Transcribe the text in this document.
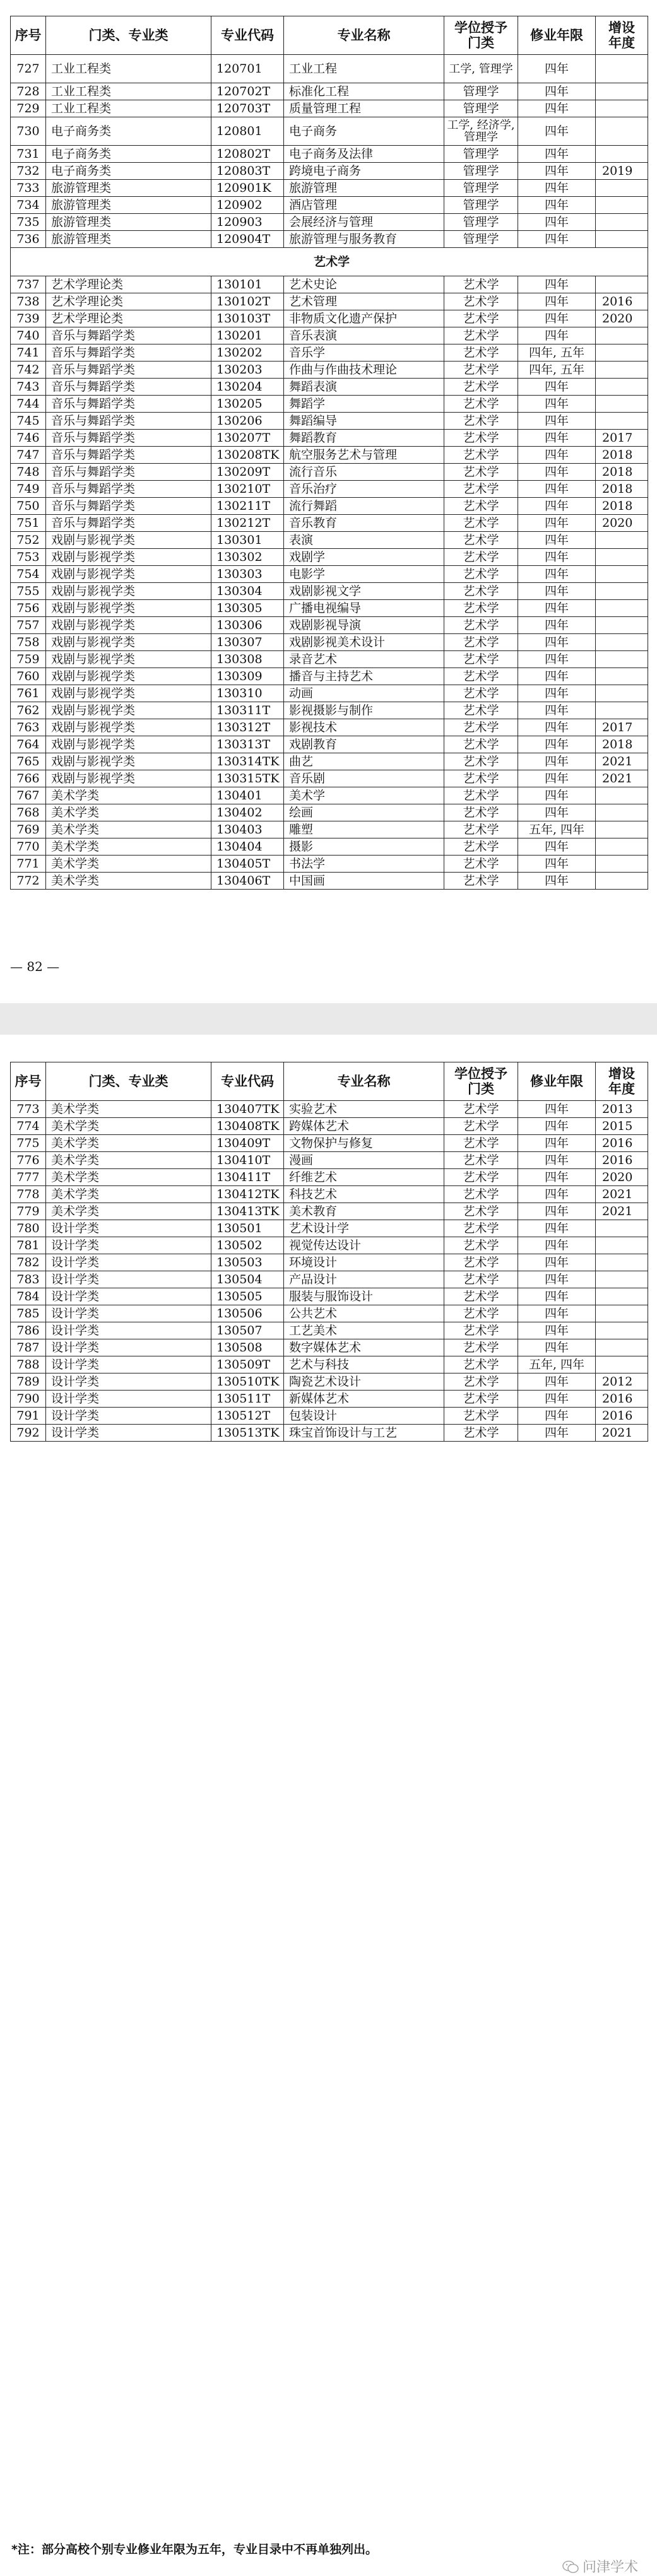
序号	门类、专业类	专业代码	专业名称	学位授予门类	修业年限	增设年度
727	工业工程类	120701	工业工程	工学, 管理学	四年	
728	工业工程类	120702T	标准化工程	管理学	四年	
729	工业工程类	120703T	质量管理工程	管理学	四年	
730	电子商务类	120801	电子商务	工学, 经济学, 管理学	四年	
731	电子商务类	120802T	电子商务及法律	管理学	四年	
732	电子商务类	120803T	跨境电子商务	管理学	四年	2019
733	旅游管理类	120901K	旅游管理	管理学	四年	
734	旅游管理类	120902	酒店管理	管理学	四年	
735	旅游管理类	120903	会展经济与管理	管理学	四年	
736	旅游管理类	120904T	旅游管理与服务教育	管理学	四年	
艺术学						
737	艺术学理论类	130101	艺术史论	艺术学	四年	
738	艺术学理论类	130102T	艺术管理	艺术学	四年	2016
739	艺术学理论类	130103T	非物质文化遗产保护	艺术学	四年	2020
740	音乐与舞蹈学类	130201	音乐表演	艺术学	四年	
741	音乐与舞蹈学类	130202	音乐学	艺术学	四年, 五年	
742	音乐与舞蹈学类	130203	作曲与作曲技术理论	艺术学	四年, 五年	
743	音乐与舞蹈学类	130204	舞蹈表演	艺术学	四年	
744	音乐与舞蹈学类	130205	舞蹈学	艺术学	四年	
745	音乐与舞蹈学类	130206	舞蹈编导	艺术学	四年	
746	音乐与舞蹈学类	130207T	舞蹈教育	艺术学	四年	2017
747	音乐与舞蹈学类	130208TK	航空服务艺术与管理	艺术学	四年	2018
748	音乐与舞蹈学类	130209T	流行音乐	艺术学	四年	2018
749	音乐与舞蹈学类	130210T	音乐治疗	艺术学	四年	2018
750	音乐与舞蹈学类	130211T	流行舞蹈	艺术学	四年	2018
751	音乐与舞蹈学类	130212T	音乐教育	艺术学	四年	2020
752	戏剧与影视学类	130301	表演	艺术学	四年	
753	戏剧与影视学类	130302	戏剧学	艺术学	四年	
754	戏剧与影视学类	130303	电影学	艺术学	四年	
755	戏剧与影视学类	130304	戏剧影视文学	艺术学	四年	
756	戏剧与影视学类	130305	广播电视编导	艺术学	四年	
757	戏剧与影视学类	130306	戏剧影视导演	艺术学	四年	
758	戏剧与影视学类	130307	戏剧影视美术设计	艺术学	四年	
759	戏剧与影视学类	130308	录音艺术	艺术学	四年	
760	戏剧与影视学类	130309	播音与主持艺术	艺术学	四年	
761	戏剧与影视学类	130310	动画	艺术学	四年	
762	戏剧与影视学类	130311T	影视摄影与制作	艺术学	四年	
763	戏剧与影视学类	130312T	影视技术	艺术学	四年	2017
764	戏剧与影视学类	130313T	戏剧教育	艺术学	四年	2018
765	戏剧与影视学类	130314TK	曲艺	艺术学	四年	2021
766	戏剧与影视学类	130315TK	音乐剧	艺术学	四年	2021
767	美术学类	130401	美术学	艺术学	四年	
768	美术学类	130402	绘画	艺术学	四年	
769	美术学类	130403	雕塑	艺术学	五年, 四年	
770	美术学类	130404	摄影	艺术学	四年	
771	美术学类	130405T	书法学	艺术学	四年	
772	美术学类	130406T	中国画	艺术学	四年	
— 82 —
序号	门类、专业类	专业代码	专业名称	学位授予门类	修业年限	增设年度
773	美术学类	130407TK	实验艺术	艺术学	四年	2013
774	美术学类	130408TK	跨媒体艺术	艺术学	四年	2015
775	美术学类	130409T	文物保护与修复	艺术学	四年	2016
776	美术学类	130410T	漫画	艺术学	四年	2016
777	美术学类	130411T	纤维艺术	艺术学	四年	2020
778	美术学类	130412TK	科技艺术	艺术学	四年	2021
779	美术学类	130413TK	美术教育	艺术学	四年	2021
780	设计学类	130501	艺术设计学	艺术学	四年	
781	设计学类	130502	视觉传达设计	艺术学	四年	
782	设计学类	130503	环境设计	艺术学	四年	
783	设计学类	130504	产品设计	艺术学	四年	
784	设计学类	130505	服装与服饰设计	艺术学	四年	
785	设计学类	130506	公共艺术	艺术学	四年	
786	设计学类	130507	工艺美术	艺术学	四年	
787	设计学类	130508	数字媒体艺术	艺术学	四年	
788	设计学类	130509T	艺术与科技	艺术学	五年, 四年	
789	设计学类	130510TK	陶瓷艺术设计	艺术学	四年	2012
790	设计学类	130511T	新媒体艺术	艺术学	四年	2016
791	设计学类	130512T	包装设计	艺术学	四年	2016
792	设计学类	130513TK	珠宝首饰设计与工艺	艺术学	四年	2021
*注：部分高校个别专业修业年限为五年，专业目录中不再单独列出。
问津学术
